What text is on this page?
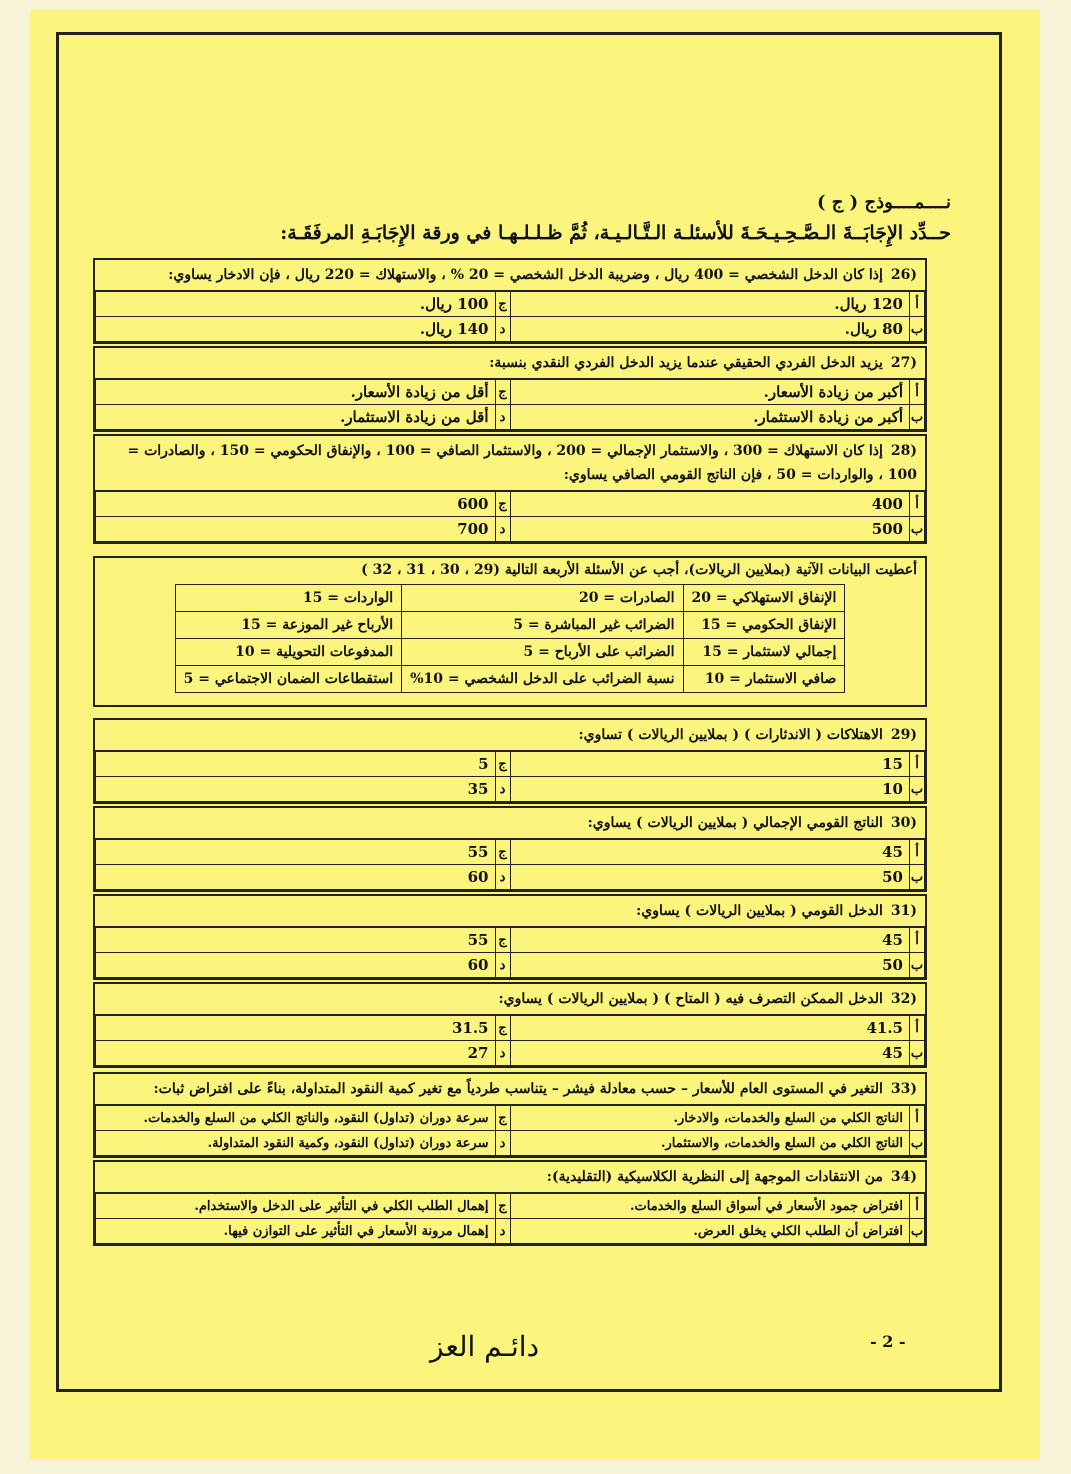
نــــمــــوذج ( ج )
حــدِّد الإِجَابَــةَ الـصَّـحِـيـحَـةَ للأسئلـة الـتَّـالـيـة، ثُمَّ ظـلـلـهـا في ورقة الإِجَابَـةِ المرفَقَـة:
(26إذا كان الدخل الشخصي = 400 ريال ، وضريبة الدخل الشخصي = 20 % ، والاستهلاك = 220 ريال ، فإن الادخار يساوي:
أ	120 ريال.	ج	100 ريال.
ب	80 ريال.	د	140 ريال.
(27يزيد الدخل الفردي الحقيقي عندما يزيد الدخل الفردي النقدي بنسبة:
أ	أكبر من زيادة الأسعار.	ج	أقل من زيادة الأسعار.
ب	أكبر من زيادة الاستثمار.	د	أقل من زيادة الاستثمار.
(28إذا كان الاستهلاك = 300 ، والاستثمار الإجمالي = 200 ، والاستثمار الصافي = 100 ، والإنفاق الحكومي = 150 ، والصادرات = 100 ، والواردات = 50 ، فإن الناتج القومي الصافي يساوي:
أ	400	ج	600
ب	500	د	700
أعطيت البيانات الآتية (بملايين الريالات)، أجب عن الأسئلة الأربعة التالية (29 ، 30 ، 31 ، 32 )
الإنفاق الاستهلاكي = 20	الصادرات = 20	الواردات = 15
الإنفاق الحكومي = 15	الضرائب غير المباشرة = 5	الأرباح غير الموزعة = 15
إجمالي لاستثمار = 15	الضرائب على الأرباح = 5	المدفوعات التحويلية = 10
صافي الاستثمار = 10	نسبة الضرائب على الدخل الشخصي = 10%	استقطاعات الضمان الاجتماعي = 5
(29الاهتلاكات ( الاندثارات ) ( بملايين الريالات ) تساوي:
أ	15	ج	5
ب	10	د	35
(30الناتج القومي الإجمالي ( بملايين الريالات ) يساوي:
أ	45	ج	55
ب	50	د	60
(31الدخل القومي ( بملايين الريالات ) يساوي:
أ	45	ج	55
ب	50	د	60
(32الدخل الممكن التصرف فيه ( المتاح ) ( بملايين الريالات ) يساوي:
أ	41.5	ج	31.5
ب	45	د	27
(33التغير في المستوى العام للأسعار – حسب معادلة فيشر – يتناسب طردياً مع تغير كمية النقود المتداولة، بناءً على افتراض ثبات:
أ	الناتج الكلي من السلع والخدمات، والادخار.	ج	سرعة دوران (تداول) النقود، والناتج الكلي من السلع والخدمات.
ب	الناتج الكلي من السلع والخدمات، والاستثمار.	د	سرعة دوران (تداول) النقود، وكمية النقود المتداولة.
(34من الانتقادات الموجهة إلى النظرية الكلاسيكية (التقليدية):
أ	افتراض جمود الأسعار في أسواق السلع والخدمات.	ج	إهمال الطلب الكلي في التأثير على الدخل والاستخدام.
ب	افتراض أن الطلب الكلي يخلق العرض.	د	إهمال مرونة الأسعار في التأثير على التوازن فيها.
دائـم العز	- 2 -
